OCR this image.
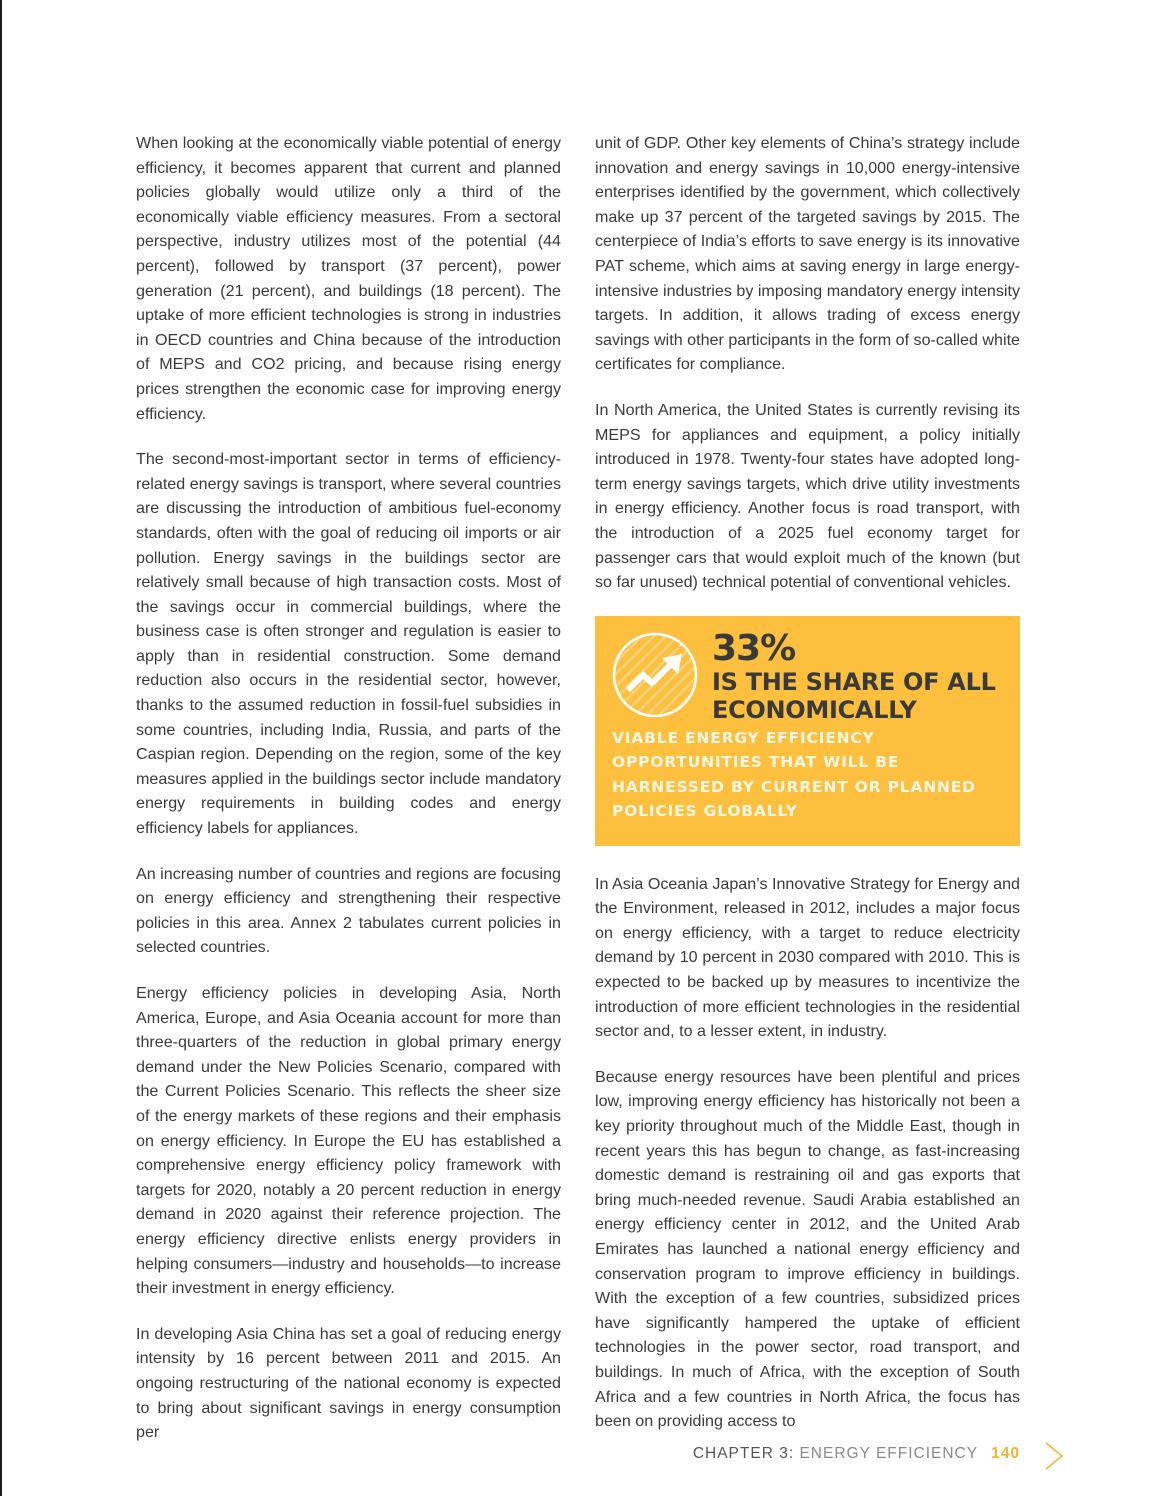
When looking at the economically viable potential of energy efficiency, it becomes apparent that current and planned policies globally would utilize only a third of the economically viable efficiency measures. From a sectoral perspective, industry utilizes most of the potential (44 percent), followed by transport (37 percent), power generation (21 percent), and buildings (18 percent). The uptake of more efficient technologies is strong in industries in OECD countries and China because of the introduction of MEPS and CO2 pricing, and because rising energy prices strengthen the economic case for improving energy efficiency.

The second-most-important sector in terms of efficiency-related energy savings is transport, where several countries are discussing the introduction of ambitious fuel-economy standards, often with the goal of reducing oil imports or air pollution. Energy savings in the buildings sector are relatively small because of high transaction costs. Most of the savings occur in commercial buildings, where the business case is often stronger and regulation is easier to apply than in residential construction. Some demand reduction also occurs in the residential sector, however, thanks to the assumed reduction in fossil-fuel subsidies in some countries, including India, Russia, and parts of the Caspian region. Depending on the region, some of the key measures applied in the buildings sector include mandatory energy requirements in building codes and energy efficiency labels for appliances.

An increasing number of countries and regions are focusing on energy efficiency and strengthening their respective policies in this area. Annex 2 tabulates current policies in selected countries.

Energy efficiency policies in developing Asia, North America, Europe, and Asia Oceania account for more than three-quarters of the reduction in global primary energy demand under the New Policies Scenario, compared with the Current Policies Scenario. This reflects the sheer size of the energy markets of these regions and their emphasis on energy efficiency. In Europe the EU has established a comprehensive energy efficiency policy framework with targets for 2020, notably a 20 percent reduction in energy demand in 2020 against their reference projection. The energy efficiency directive enlists energy providers in helping consumers—industry and households—to increase their investment in energy efficiency.

In developing Asia China has set a goal of reducing energy intensity by 16 percent between 2011 and 2015. An ongoing restructuring of the national economy is expected to bring about significant savings in energy consumption per

unit of GDP. Other key elements of China’s strategy include innovation and energy savings in 10,000 energy-intensive enterprises identified by the government, which collectively make up 37 percent of the targeted savings by 2015. The centerpiece of India’s efforts to save energy is its innovative PAT scheme, which aims at saving energy in large energy-intensive industries by imposing mandatory energy intensity targets. In addition, it allows trading of excess energy savings with other participants in the form of so-called white certificates for compliance.

In North America, the United States is currently revising its MEPS for appliances and equipment, a policy initially introduced in 1978. Twenty-four states have adopted long-term energy savings targets, which drive utility investments in energy efficiency. Another focus is road transport, with the introduction of a 2025 fuel economy target for passenger cars that would exploit much of the known (but so far unused) technical potential of conventional vehicles.

33%
IS THE SHARE OF ALL
ECONOMICALLY
VIABLE ENERGY EFFICIENCY OPPORTUNITIES THAT WILL BE HARNESSED BY CURRENT OR PLANNED POLICIES GLOBALLY

In Asia Oceania Japan’s Innovative Strategy for Energy and the Environment, released in 2012, includes a major focus on energy efficiency, with a target to reduce electricity demand by 10 percent in 2030 compared with 2010. This is expected to be backed up by measures to incentivize the introduction of more efficient technologies in the residential sector and, to a lesser extent, in industry.

Because energy resources have been plentiful and prices low, improving energy efficiency has historically not been a key priority throughout much of the Middle East, though in recent years this has begun to change, as fast-increasing domestic demand is restraining oil and gas exports that bring much-needed revenue. Saudi Arabia established an energy efficiency center in 2012, and the United Arab Emirates has launched a national energy efficiency and conservation program to improve efficiency in buildings. With the exception of a few countries, subsidized prices have significantly hampered the uptake of efficient technologies in the power sector, road transport, and buildings. In much of Africa, with the exception of South Africa and a few countries in North Africa, the focus has been on providing access to

CHAPTER 3: ENERGY EFFICIENCY 140
